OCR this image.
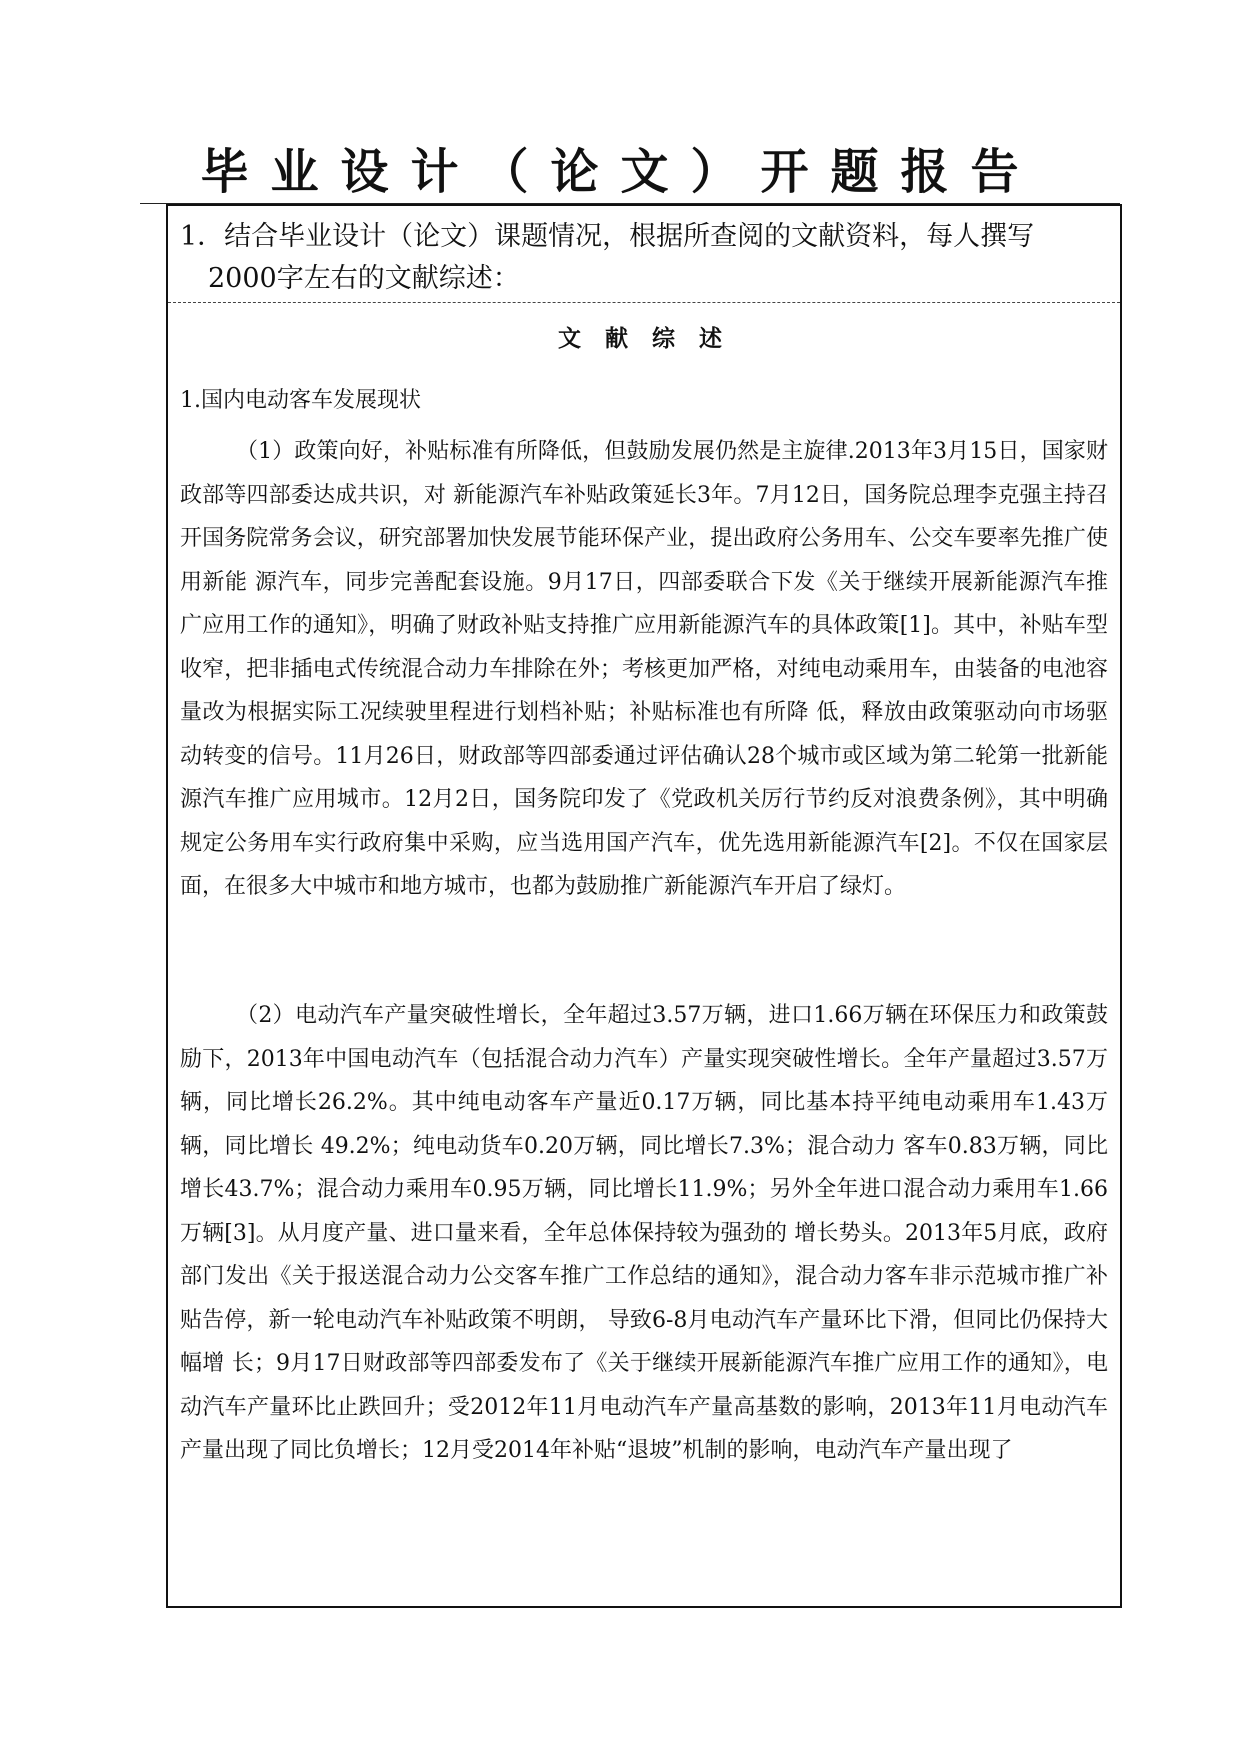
毕业设计（论文）开题报告
1．结合毕业设计（论文）课题情况，根据所查阅的文献资料，每人撰写
2000字左右的文献综述：
文 献 综 述
1.国内电动客车发展现状

（1）政策向好，补贴标准有所降低，但鼓励发展仍然是主旋律.2013年3月15日，国家财政部等四部委达成共识，对 新能源汽车补贴政策延长3年。7月12日，国务院总理李克强主持召开国务院常务会议，研究部署加快发展节能环保产业，提出政府公务用车、公交车要率先推广使用新能 源汽车，同步完善配套设施。9月17日，四部委联合下发《关于继续开展新能源汽车推广应用工作的通知》，明确了财政补贴支持推广应用新能源汽车的具体政策[1]。其中，补贴车型收窄，把非插电式传统混合动力车排除在外；考核更加严格，对纯电动乘用车，由装备的电池容量改为根据实际工况续驶里程进行划档补贴；补贴标准也有所降 低，释放由政策驱动向市场驱动转变的信号。11月26日，财政部等四部委通过评估确认28个城市或区域为第二轮第一批新能源汽车推广应用城市。12月2日，国务院印发了《党政机关厉行节约反对浪费条例》，其中明确规定公务用车实行政府集中采购，应当选用国产汽车，优先选用新能源汽车[2]。不仅在国家层面，在很多大中城市和地方城市，也都为鼓励推广新能源汽车开启了绿灯。

（2）电动汽车产量突破性增长，全年超过3.57万辆，进口1.66万辆在环保压力和政策鼓励下，2013年中国电动汽车（包括混合动力汽车）产量实现突破性增长。全年产量超过3.57万辆，同比增长26.2%。其中纯电动客车产量近0.17万辆，同比基本持平纯电动乘用车1.43万辆，同比增长 49.2%；纯电动货车0.20万辆，同比增长7.3%；混合动力 客车0.83万辆，同比增长43.7%；混合动力乘用车0.95万辆，同比增长11.9%；另外全年进口混合动力乘用车1.66 万辆[3]。从月度产量、进口量来看，全年总体保持较为强劲的 增长势头。2013年5月底，政府部门发出《关于报送混合动力公交客车推广工作总结的通知》，混合动力客车非示范城市推广补贴告停，新一轮电动汽车补贴政策不明朗， 导致6-8月电动汽车产量环比下滑，但同比仍保持大幅增 长；9月17日财政部等四部委发布了《关于继续开展新能源汽车推广应用工作的通知》，电动汽车产量环比止跌回升；受2012年11月电动汽车产量高基数的影响，2013年11月电动汽车产量出现了同比负增长；12月受2014年补贴“退坡”机制的影响，电动汽车产量出现了
